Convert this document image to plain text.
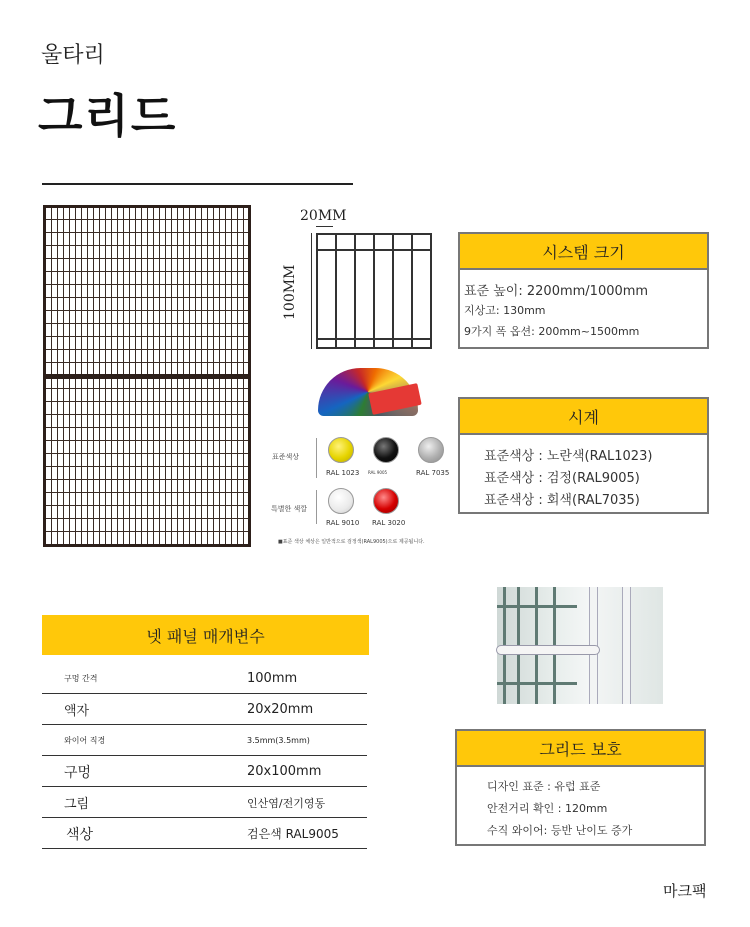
울타리
그리드
20MM
100MM
표준색상
특별한 색깔
RAL 1023 RAL 9005	RAL 7035
RAL 9010 RAL 3020
■표준 색상 체상은 일반적으로 검정색(RAL9005)으로 제공됩니다.
시스템 크기
표준 높이: 2200mm/1000mm
지상고: 130mm
9가지 폭 옵션: 200mm~1500mm
시계
표준색상 : 노란색(RAL1023)
표준색상 : 검정(RAL9005)
표준색상 : 회색(RAL7035)
넷 패널 매개변수
구멍 간격	100mm
액자	20x20mm
와이어 직경	3.5mm(3.5mm)
구멍	20x100mm
그림	인산염/전기영동
색상	검은색 RAL9005
그리드 보호
디자인 표준 : 유럽 표준
안전거리 확인 : 120mm
수직 와이어: 등반 난이도 증가
마크팩
